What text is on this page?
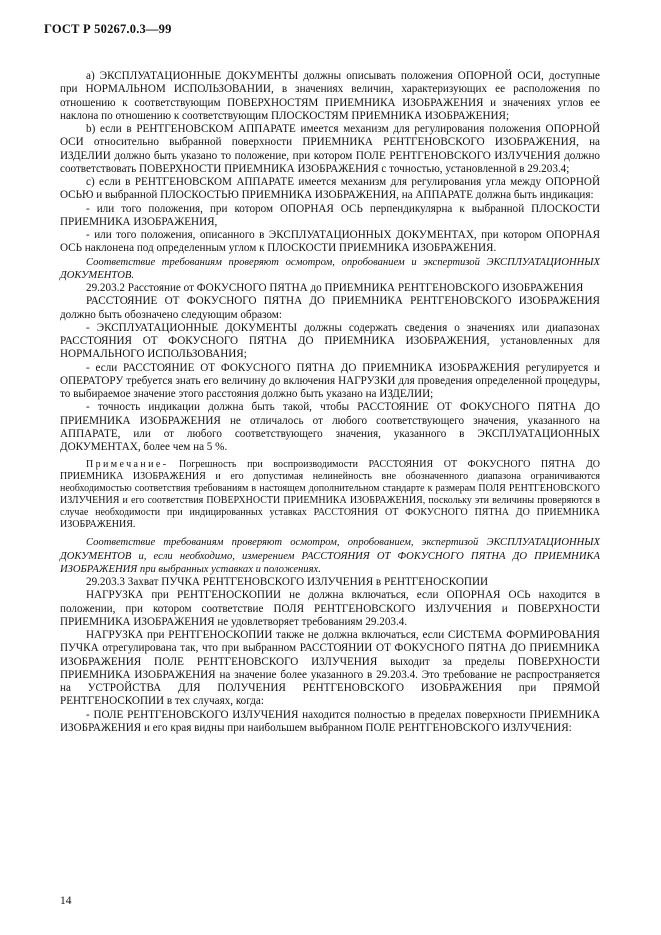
ГОСТ Р 50267.0.3—99

а) ЭКСПЛУАТАЦИОННЫЕ ДОКУМЕНТЫ должны описывать положения ОПОРНОЙ ОСИ, доступные при НОРМАЛЬНОМ ИСПОЛЬЗОВАНИИ, в значениях величин, характеризующих ее расположения по отношению к соответствующим ПОВЕРХНОСТЯМ ПРИЕМНИКА ИЗОБРАЖЕНИЯ и значениях углов ее наклона по отношению к соответствующим ПЛОСКОСТЯМ ПРИЕМНИКА ИЗОБРАЖЕНИЯ;

b) если в РЕНТГЕНОВСКОМ АППАРАТЕ имеется механизм для регулирования положения ОПОРНОЙ ОСИ относительно выбранной поверхности ПРИЕМНИКА РЕНТГЕНОВСКОГО ИЗОБРАЖЕНИЯ, на ИЗДЕЛИИ должно быть указано то положение, при котором ПОЛЕ РЕНТГЕНОВСКОГО ИЗЛУЧЕНИЯ должно соответствовать ПОВЕРХНОСТИ ПРИЕМНИКА ИЗОБРАЖЕНИЯ с точностью, установленной в 29.203.4;

с) если в РЕНТГЕНОВСКОМ АППАРАТЕ имеется механизм для регулирования угла между ОПОРНОЙ ОСЬЮ и выбранной ПЛОСКОСТЬЮ ПРИЕМНИКА ИЗОБРАЖЕНИЯ, на АППАРАТЕ должна быть индикация:

- или того положения, при котором ОПОРНАЯ ОСЬ перпендикулярна к выбранной ПЛОСКОСТИ ПРИЕМНИКА ИЗОБРАЖЕНИЯ,

- или того положения, описанного в ЭКСПЛУАТАЦИОННЫХ ДОКУМЕНТАХ, при котором ОПОРНАЯ ОСЬ наклонена под определенным углом к ПЛОСКОСТИ ПРИЕМНИКА ИЗОБРАЖЕНИЯ.

Соответствие требованиям проверяют осмотром, опробованием и экспертизой ЭКСПЛУАТАЦИОННЫХ ДОКУМЕНТОВ.

29.203.2 Расстояние от ФОКУСНОГО ПЯТНА до ПРИЕМНИКА РЕНТГЕНОВСКОГО ИЗОБРАЖЕНИЯ

РАССТОЯНИЕ ОТ ФОКУСНОГО ПЯТНА ДО ПРИЕМНИКА РЕНТГЕНОВСКОГО ИЗОБРАЖЕНИЯ должно быть обозначено следующим образом:

- ЭКСПЛУАТАЦИОННЫЕ ДОКУМЕНТЫ должны содержать сведения о значениях или диапазонах РАССТОЯНИЯ ОТ ФОКУСНОГО ПЯТНА ДО ПРИЕМНИКА ИЗОБРАЖЕНИЯ, установленных для НОРМАЛЬНОГО ИСПОЛЬЗОВАНИЯ;

- если РАССТОЯНИЕ ОТ ФОКУСНОГО ПЯТНА ДО ПРИЕМНИКА ИЗОБРАЖЕНИЯ регулируется и ОПЕРАТОРУ требуется знать его величину до включения НАГРУЗКИ для проведения определенной процедуры, то выбираемое значение этого расстояния должно быть указано на ИЗДЕЛИИ;

- точность индикации должна быть такой, чтобы РАССТОЯНИЕ ОТ ФОКУСНОГО ПЯТНА ДО ПРИЕМНИКА ИЗОБРАЖЕНИЯ не отличалось от любого соответствующего значения, указанного на АППАРАТЕ, или от любого соответствующего значения, указанного в ЭКСПЛУАТАЦИОННЫХ ДОКУМЕНТАХ, более чем на 5 %.

Примечание- Погрешность при воспроизводимости РАССТОЯНИЯ ОТ ФОКУСНОГО ПЯТНА ДО ПРИЕМНИКА ИЗОБРАЖЕНИЯ и его допустимая нелинейность вне обозначенного диапазона ограничиваются необходимостью соответствия требованиям в настоящем дополнительном стандарте к размерам ПОЛЯ РЕНТГЕНОВСКОГО ИЗЛУЧЕНИЯ и его соответствия ПОВЕРХНОСТИ ПРИЕМНИКА ИЗОБРАЖЕНИЯ, поскольку эти величины проверяются в случае необходимости при индицированных уставках РАССТОЯНИЯ ОТ ФОКУСНОГО ПЯТНА ДО ПРИЕМНИКА ИЗОБРАЖЕНИЯ.

Соответствие требованиям проверяют осмотром, опробованием, экспертизой ЭКСПЛУАТАЦИОННЫХ ДОКУМЕНТОВ и, если необходимо, измерением РАССТОЯНИЯ ОТ ФОКУСНОГО ПЯТНА ДО ПРИЕМНИКА ИЗОБРАЖЕНИЯ при выбранных уставках и положениях.

29.203.3 Захват ПУЧКА РЕНТГЕНОВСКОГО ИЗЛУЧЕНИЯ в РЕНТГЕНОСКОПИИ

НАГРУЗКА при РЕНТГЕНОСКОПИИ не должна включаться, если ОПОРНАЯ ОСЬ находится в положении, при котором соответствие ПОЛЯ РЕНТГЕНОВСКОГО ИЗЛУЧЕНИЯ и ПОВЕРХНОСТИ ПРИЕМНИКА ИЗОБРАЖЕНИЯ не удовлетворяет требованиям 29.203.4.

НАГРУЗКА при РЕНТГЕНОСКОПИИ также не должна включаться, если СИСТЕМА ФОРМИРОВАНИЯ ПУЧКА отрегулирована так, что при выбранном РАССТОЯНИИ ОТ ФОКУСНОГО ПЯТНА ДО ПРИЕМНИКА ИЗОБРАЖЕНИЯ ПОЛЕ РЕНТГЕНОВСКОГО ИЗЛУЧЕНИЯ выходит за пределы ПОВЕРХНОСТИ ПРИЕМНИКА ИЗОБРАЖЕНИЯ на значение более указанного в 29.203.4. Это требование не распространяется на УСТРОЙСТВА ДЛЯ ПОЛУЧЕНИЯ РЕНТГЕНОВСКОГО ИЗОБРАЖЕНИЯ при ПРЯМОЙ РЕНТГЕНОСКОПИИ в тех случаях, когда:

- ПОЛЕ РЕНТГЕНОВСКОГО ИЗЛУЧЕНИЯ находится полностью в пределах поверхности ПРИЕМНИКА ИЗОБРАЖЕНИЯ и его края видны при наибольшем выбранном ПОЛЕ РЕНТГЕНОВСКОГО ИЗЛУЧЕНИЯ:

14
